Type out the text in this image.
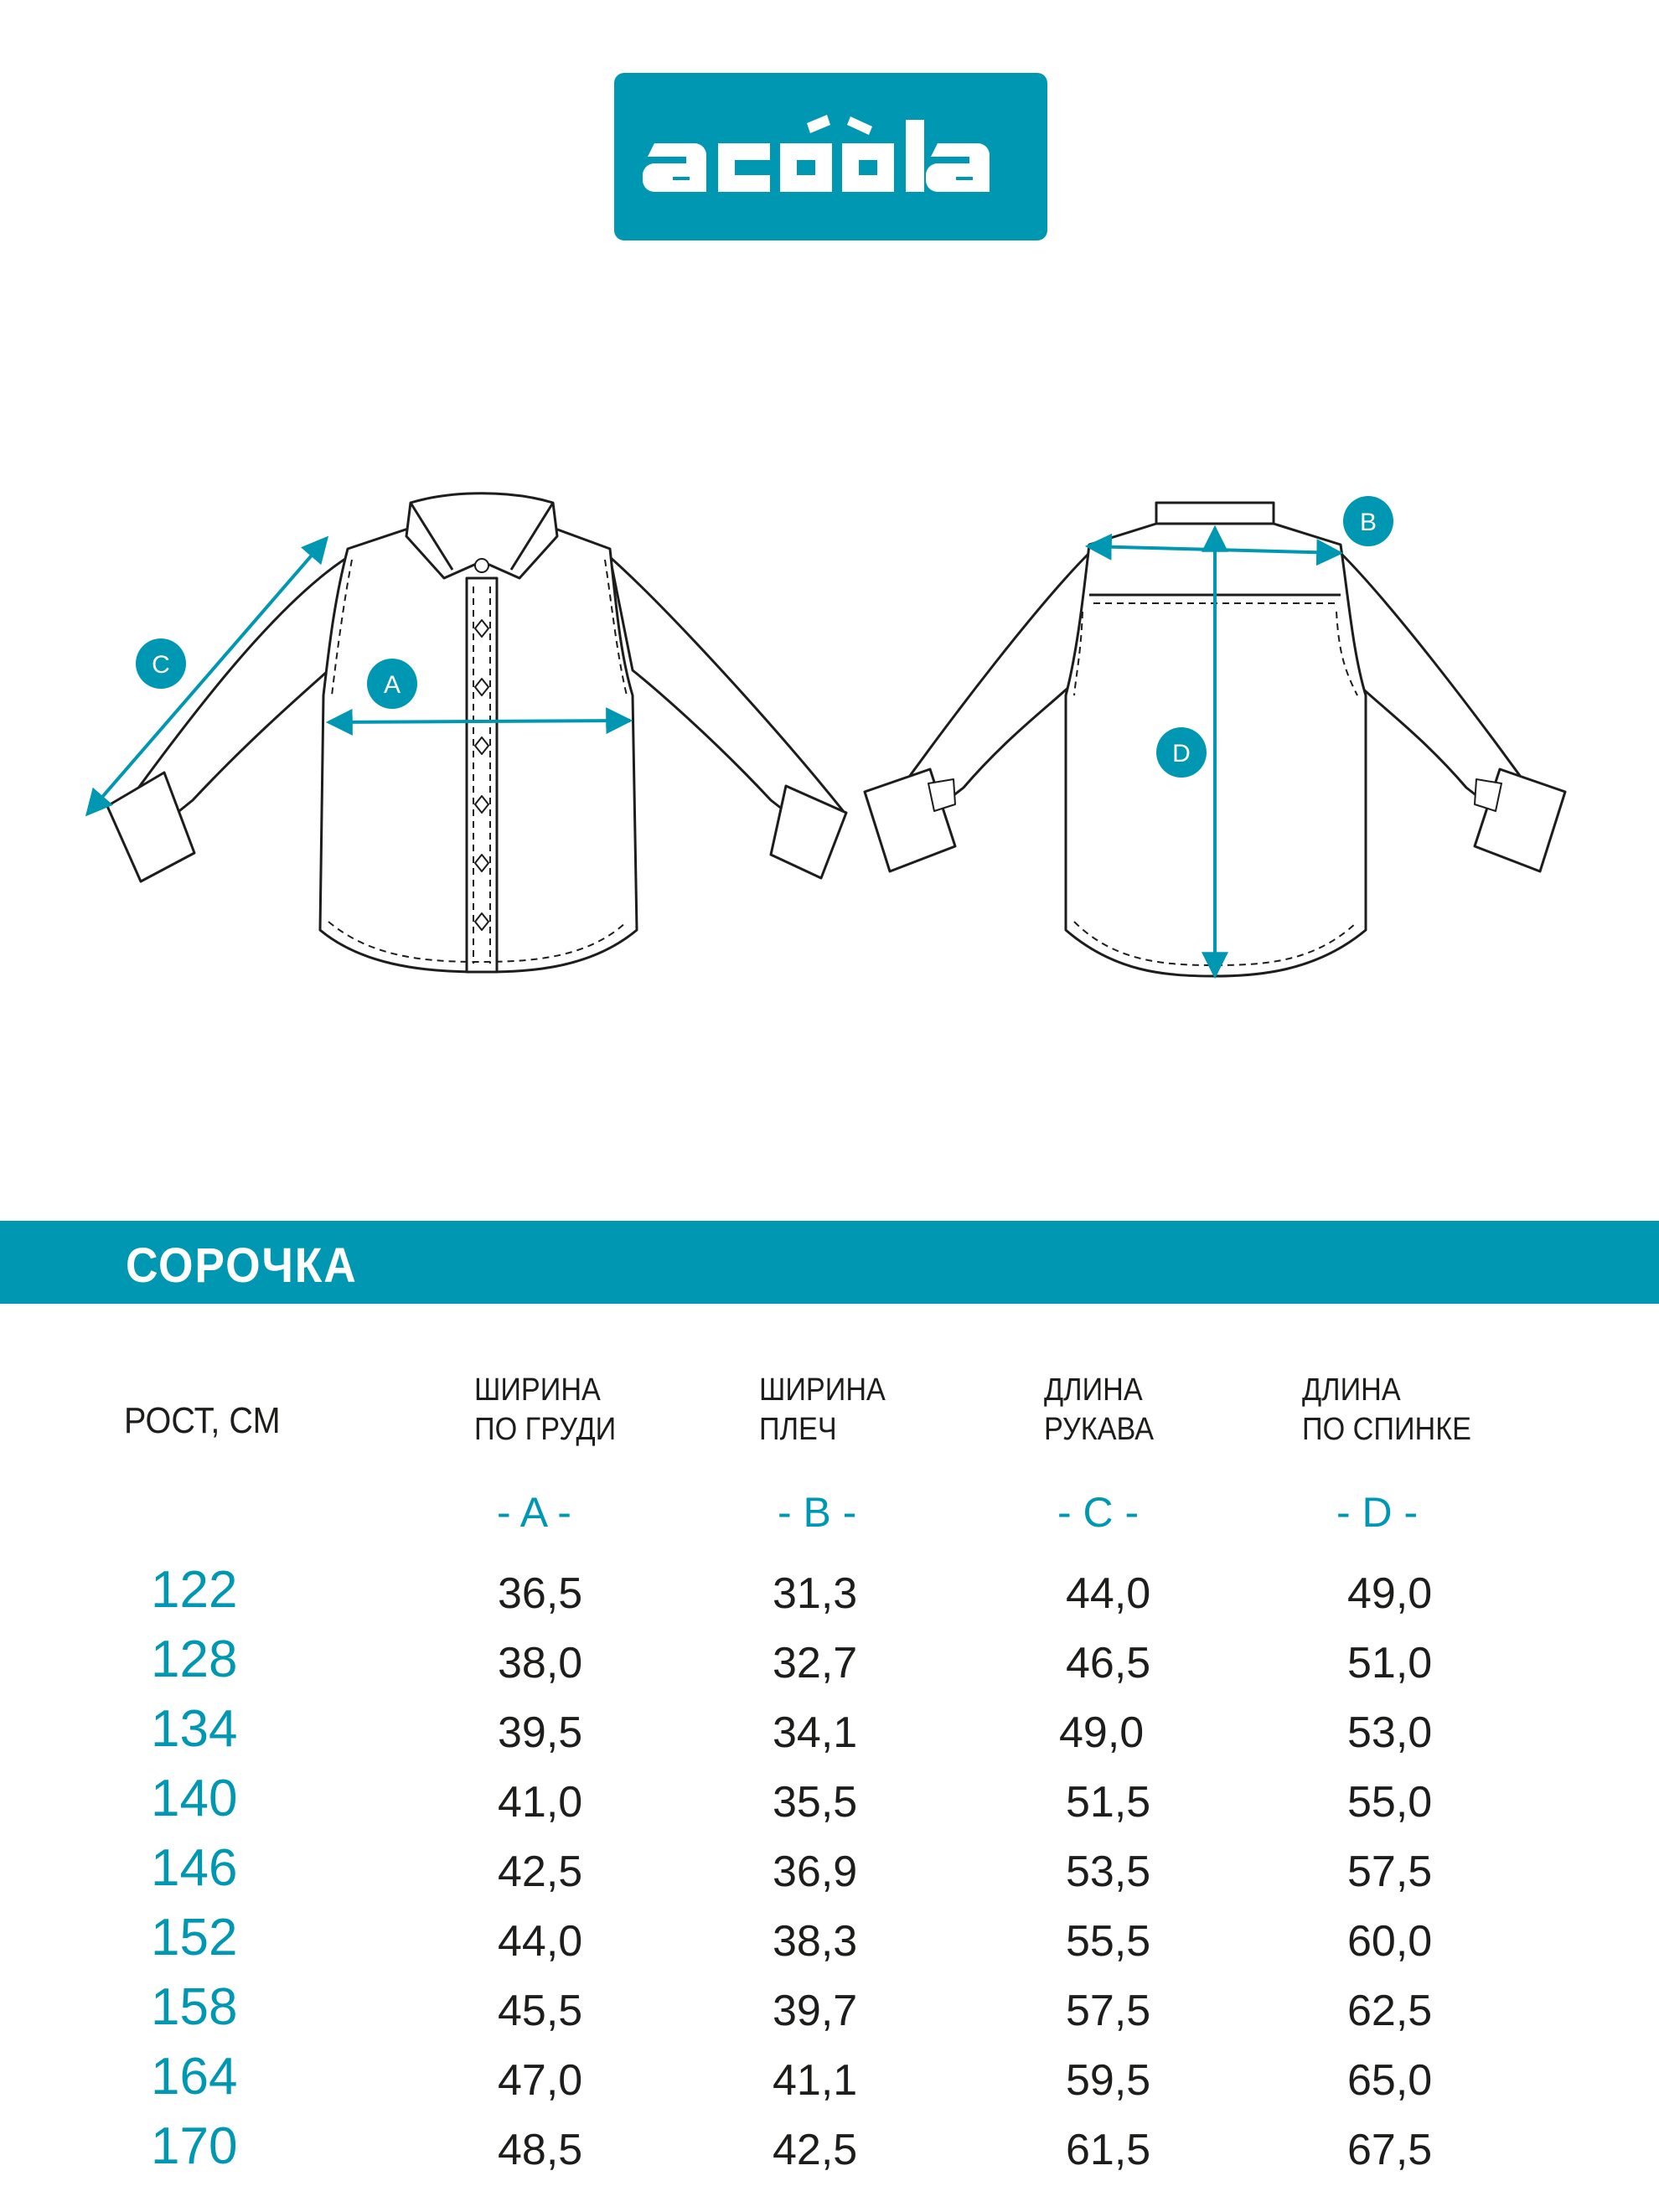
A
B
C
D
СОРОЧКА
РОСТ, СМ
ШИРИНА
ПО ГРУДИ
ШИРИНА
ПЛЕЧ
ДЛИНА
РУКАВА
ДЛИНА
ПО СПИНКЕ
- A -	- B -	- C -	- D -
122	36,5	31,3	44,0	49,0
128	38,0	32,7	46,5	51,0
134	39,5	34,1	49,0	53,0
140	41,0	35,5	51,5	55,0
146	42,5	36,9	53,5	57,5
152	44,0	38,3	55,5	60,0
158	45,5	39,7	57,5	62,5
164	47,0	41,1	59,5	65,0
170	48,5	42,5	61,5	67,5
